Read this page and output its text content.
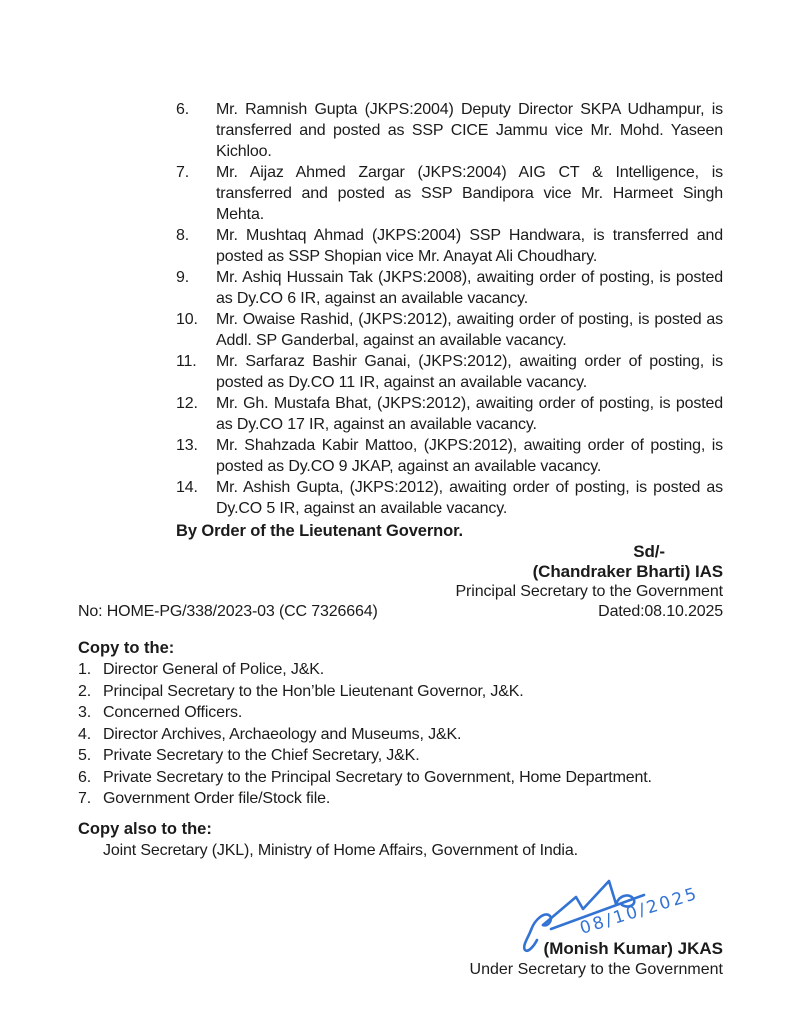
6. Mr. Ramnish Gupta (JKPS:2004) Deputy Director SKPA Udhampur, is transferred and posted as SSP CICE Jammu vice Mr. Mohd. Yaseen Kichloo.
7. Mr. Aijaz Ahmed Zargar (JKPS:2004) AIG CT & Intelligence, is transferred and posted as SSP Bandipora vice Mr. Harmeet Singh Mehta.
8. Mr. Mushtaq Ahmad (JKPS:2004) SSP Handwara, is transferred and posted as SSP Shopian vice Mr. Anayat Ali Choudhary.
9. Mr. Ashiq Hussain Tak (JKPS:2008), awaiting order of posting, is posted as Dy.CO 6 IR, against an available vacancy.
10. Mr. Owaise Rashid, (JKPS:2012), awaiting order of posting, is posted as Addl. SP Ganderbal, against an available vacancy.
11. Mr. Sarfaraz Bashir Ganai, (JKPS:2012), awaiting order of posting, is posted as Dy.CO 11 IR, against an available vacancy.
12. Mr. Gh. Mustafa Bhat, (JKPS:2012), awaiting order of posting, is posted as Dy.CO 17 IR, against an available vacancy.
13. Mr. Shahzada Kabir Mattoo, (JKPS:2012), awaiting order of posting, is posted as Dy.CO 9 JKAP, against an available vacancy.
14. Mr. Ashish Gupta, (JKPS:2012), awaiting order of posting, is posted as Dy.CO 5 IR, against an available vacancy.

By Order of the Lieutenant Governor.

Sd/-
(Chandraker Bharti) IAS
Principal Secretary to the Government
No: HOME-PG/338/2023-03 (CC 7326664)	Dated:08.10.2025
Copy to the:
1. Director General of Police, J&K.
2. Principal Secretary to the Hon’ble Lieutenant Governor, J&K.
3. Concerned Officers.
4. Director Archives, Archaeology and Museums, J&K.
5. Private Secretary to the Chief Secretary, J&K.
6. Private Secretary to the Principal Secretary to Government, Home Department.
7. Government Order file/Stock file.
Copy also to the:
Joint Secretary (JKL), Ministry of Home Affairs, Government of India.
08/10/2025
(Monish Kumar) JKAS
Under Secretary to the Government
